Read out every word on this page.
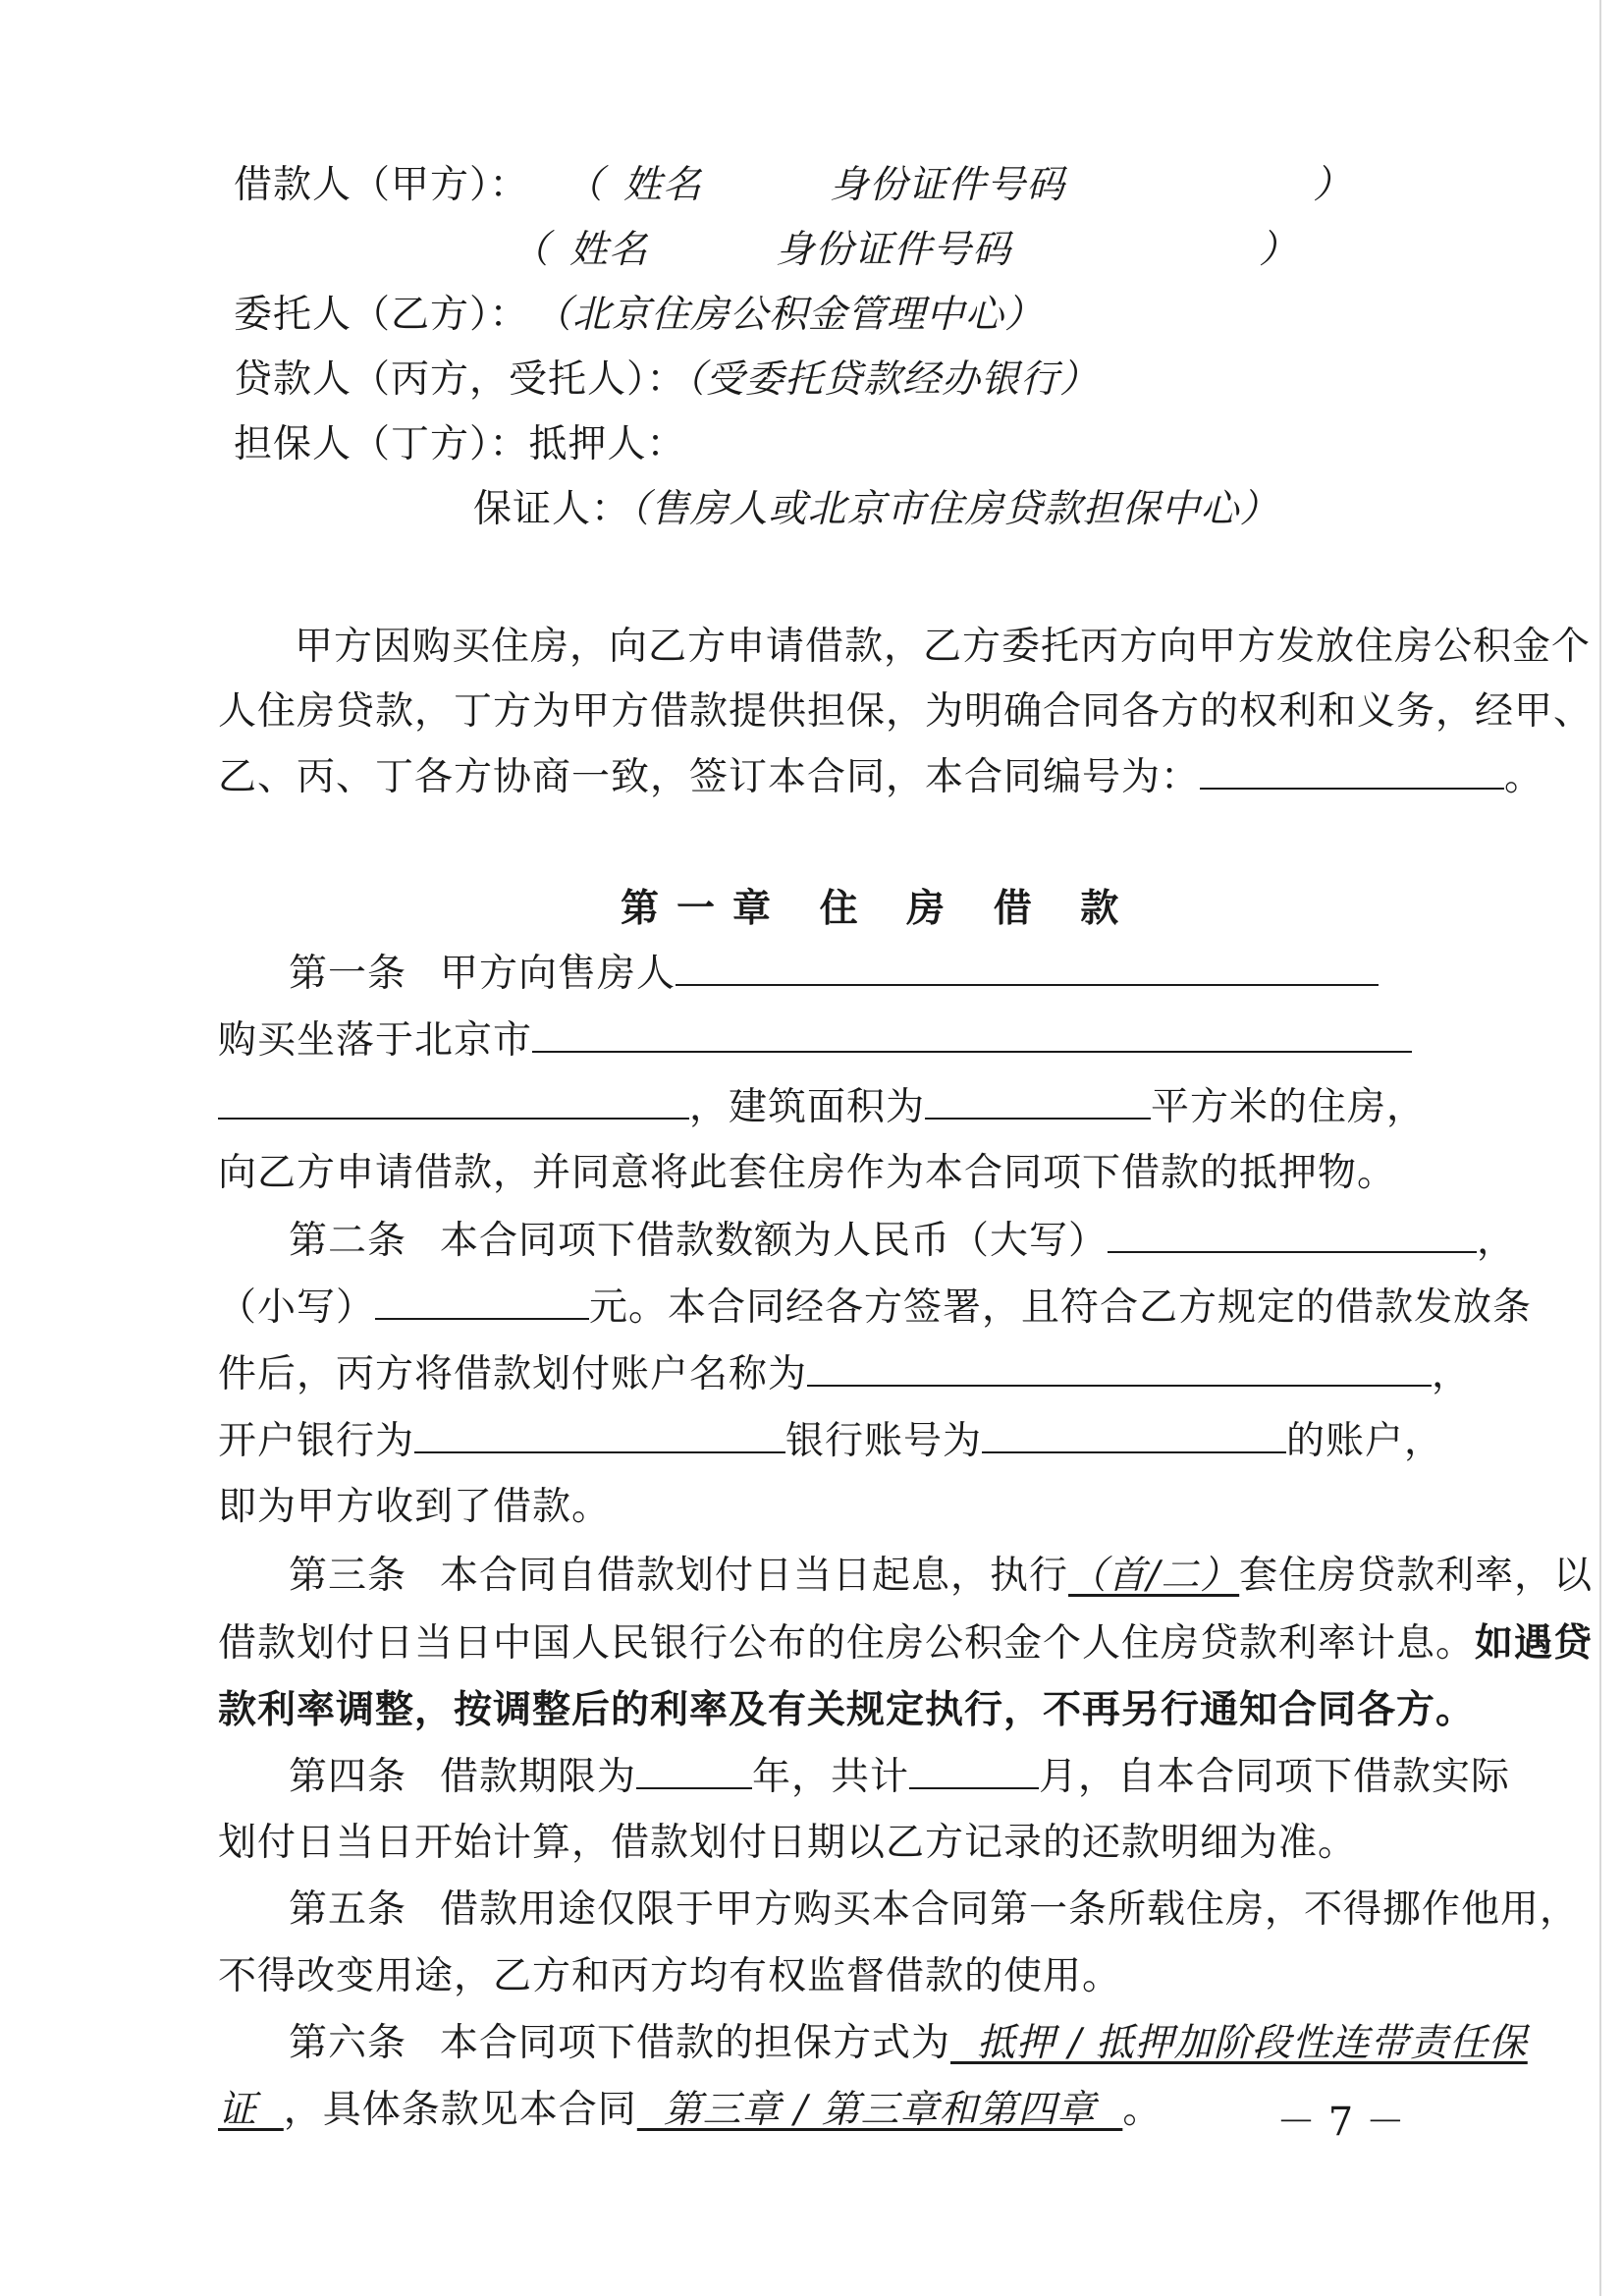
借款人（甲方）： （ 姓名	身份证件号码	）
（ 姓名	身份证件号码	）
委托人（乙方）： （北京住房公积金管理中心）
贷款人（丙方，受托人）：（受委托贷款经办银行）
担保人（丁方）：抵押人：
保证人：（售房人或北京市住房贷款担保中心）
甲方因购买住房，向乙方申请借款，乙方委托丙方向甲方发放住房公积金个
人住房贷款，丁方为甲方借款提供担保，为明确合同各方的权利和义务，经甲、
乙、丙、丁各方协商一致，签订本合同，本合同编号为：	。
第一章 住 房 借 款
第一条 甲方向售房人
购买坐落于北京市
，建筑面积为	平方米的住房，
向乙方申请借款，并同意将此套住房作为本合同项下借款的抵押物。
第二条 本合同项下借款数额为人民币（大写）	，
（小写）	元。本合同经各方签署，且符合乙方规定的借款发放条
件后，丙方将借款划付账户名称为	，
开户银行为	银行账号为	的账户，
即为甲方收到了借款。
第三条 本合同自借款划付日当日起息，执行（首/二）套住房贷款利率，以
借款划付日当日中国人民银行公布的住房公积金个人住房贷款利率计息。如遇贷
款利率调整，按调整后的利率及有关规定执行，不再另行通知合同各方。
第四条 借款期限为	年，共计	月，自本合同项下借款实际
划付日当日开始计算，借款划付日期以乙方记录的还款明细为准。
第五条 借款用途仅限于甲方购买本合同第一条所载住房，不得挪作他用，
不得改变用途，乙方和丙方均有权监督借款的使用。
第六条 本合同项下借款的担保方式为  抵押 / 抵押加阶段性连带责任保
证  ，具体条款见本合同  第三章 / 第三章和第四章  。	－ 7 －
